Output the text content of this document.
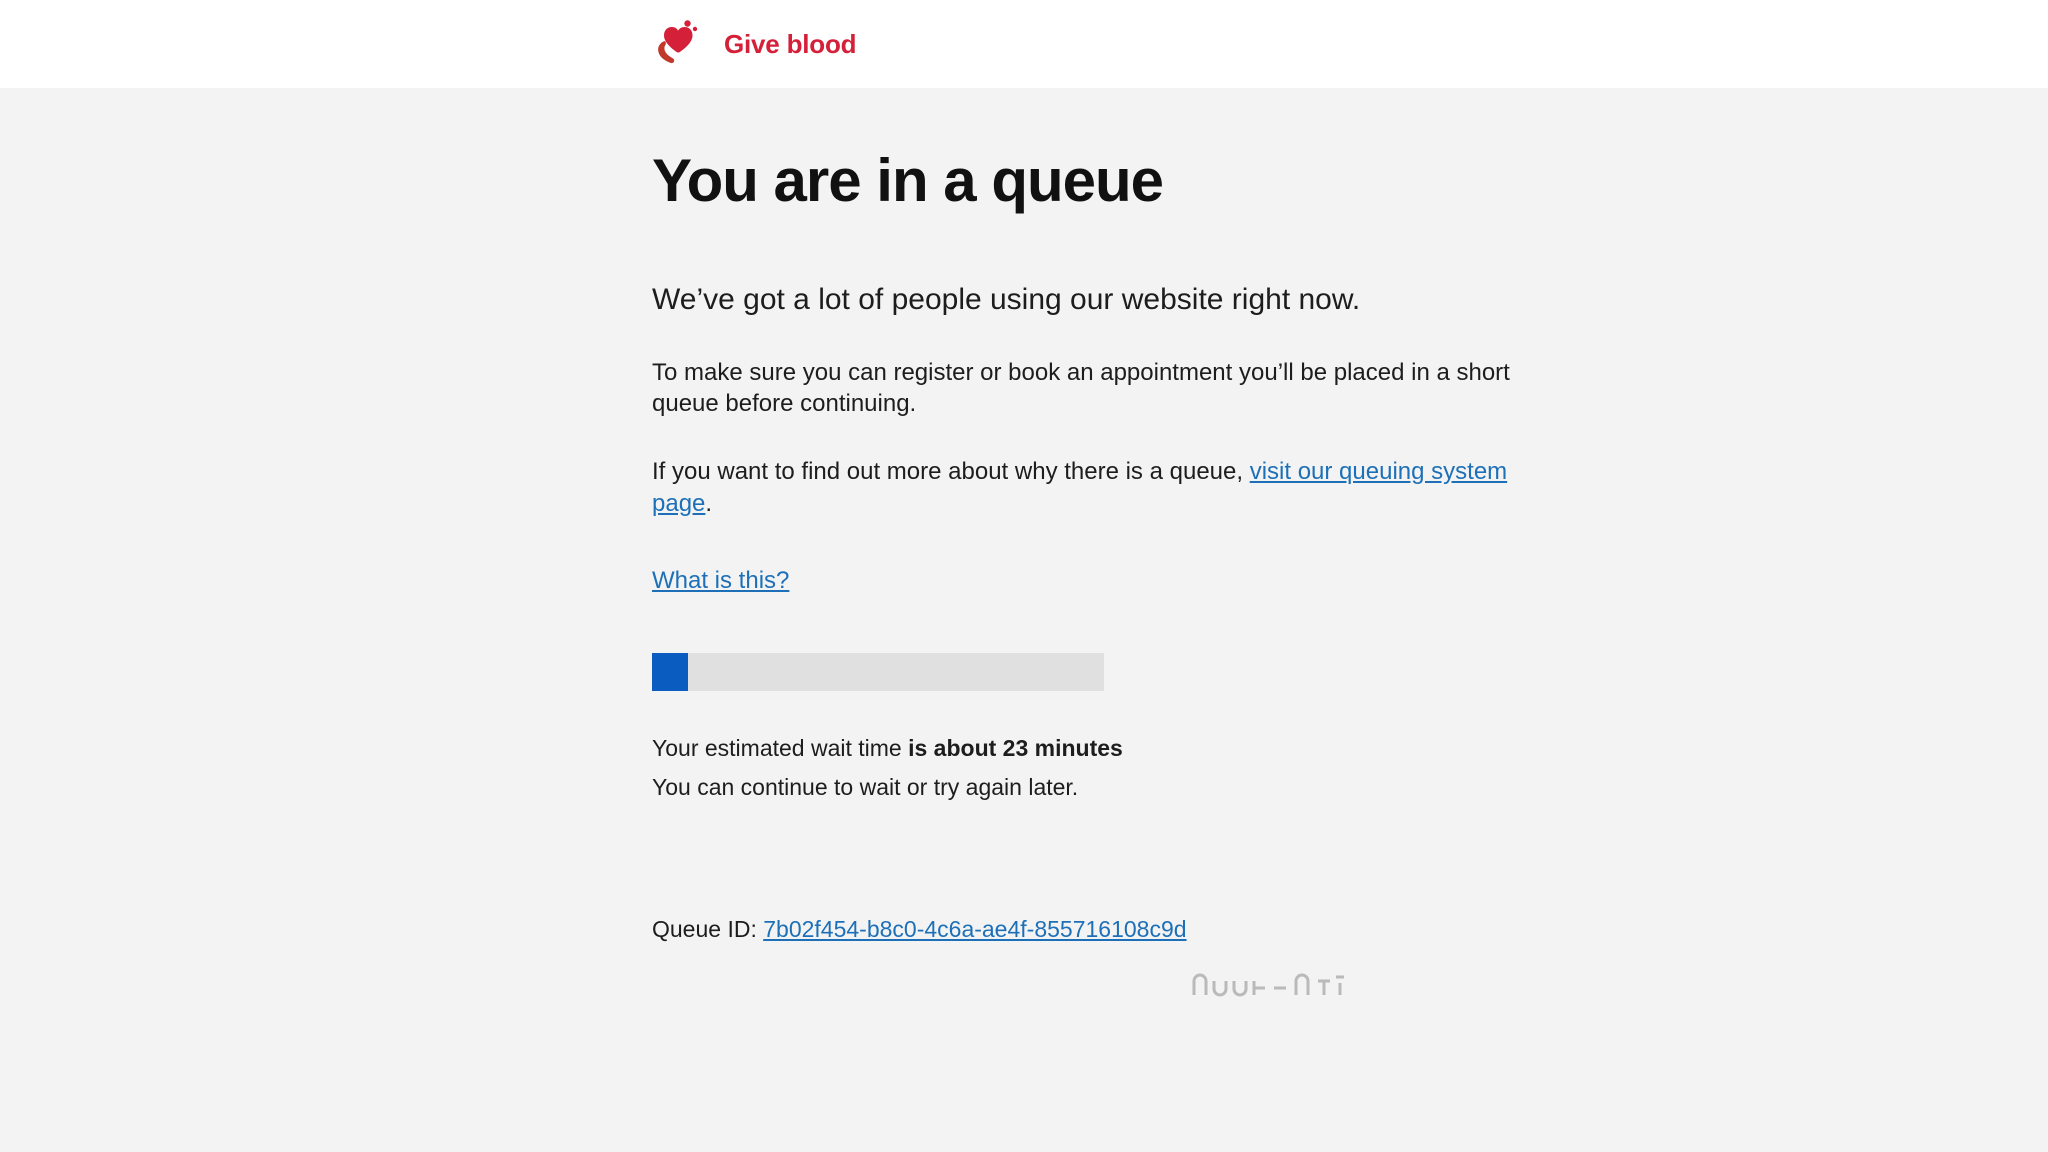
Give blood
You are in a queue

We’ve got a lot of people using our website right now.

To make sure you can register or book an appointment you’ll be placed in a short queue before continuing.

If you want to find out more about why there is a queue, visit our queuing system page.

What is this?

Your estimated wait time is about 23 minutes

You can continue to wait or try again later.

Queue ID: 7b02f454-b8c0-4c6a-ae4f-855716108c9d
